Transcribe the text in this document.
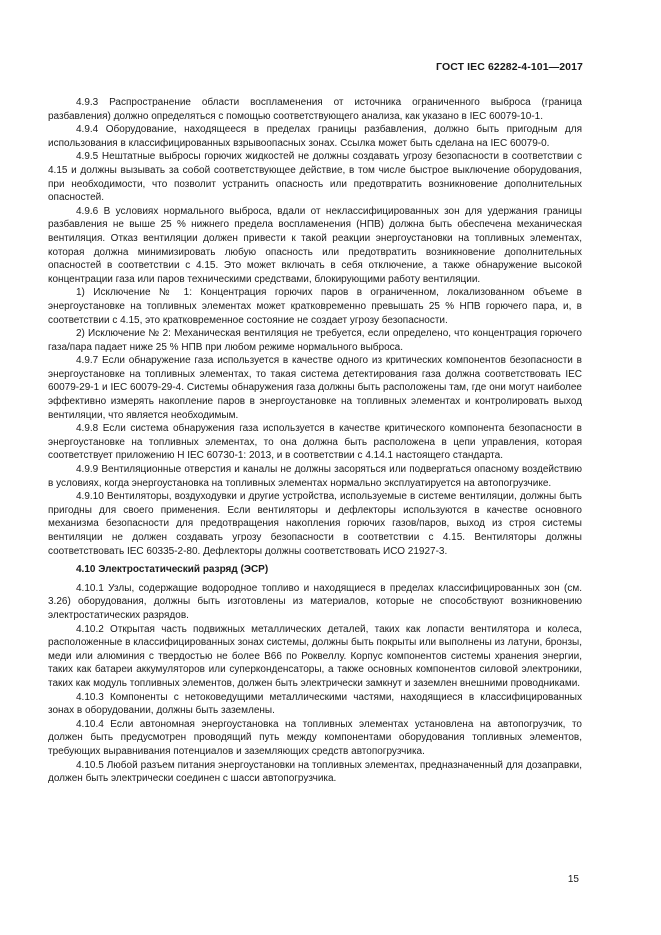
ГОСТ IEC 62282-4-101—2017

4.9.3 Распространение области воспламенения от источника ограниченного выброса (граница разбавления) должно определяться с помощью соответствующего анализа, как указано в IEC 60079-10-1.

4.9.4 Оборудование, находящееся в пределах границы разбавления, должно быть пригодным для использования в классифицированных взрывоопасных зонах. Ссылка может быть сделана на IEC 60079-0.

4.9.5 Нештатные выбросы горючих жидкостей не должны создавать угрозу безопасности в соответствии с 4.15 и должны вызывать за собой соответствующее действие, в том числе быстрое выключение оборудования, при необходимости, что позволит устранить опасность или предотвратить возникновение дополнительных опасностей.

4.9.6 В условиях нормального выброса, вдали от неклассифицированных зон для удержания границы разбавления не выше 25 % нижнего предела воспламенения (НПВ) должна быть обеспечена механическая вентиляция. Отказ вентиляции должен привести к такой реакции энергоустановки на топливных элементах, которая должна минимизировать любую опасность или предотвратить возникновение дополнительных опасностей в соответствии с 4.15. Это может включать в себя отключение, а также обнаружение высокой концентрации газа или паров техническими средствами, блокирующими работу вентиляции.

1) Исключение № 1: Концентрация горючих паров в ограниченном, локализованном объеме в энергоустановке на топливных элементах может кратковременно превышать 25 % НПВ горючего пара, и, в соответствии с 4.15, это кратковременное состояние не создает угрозу безопасности.

2) Исключение № 2: Механическая вентиляция не требуется, если определено, что концентрация горючего газа/пара падает ниже 25 % НПВ при любом режиме нормального выброса.

4.9.7 Если обнаружение газа используется в качестве одного из критических компонентов безопасности в энергоустановке на топливных элементах, то такая система детектирования газа должна соответствовать IEC 60079-29-1 и IEC 60079-29-4. Системы обнаружения газа должны быть расположены там, где они могут наиболее эффективно измерять накопление паров в энергоустановке на топливных элементах и контролировать выход вентиляции, что является необходимым.

4.9.8 Если система обнаружения газа используется в качестве критического компонента безопасности в энергоустановке на топливных элементах, то она должна быть расположена в цепи управления, которая соответствует приложению Н IEC 60730-1: 2013, и в соответствии с 4.14.1 настоящего стандарта.

4.9.9 Вентиляционные отверстия и каналы не должны засоряться или подвергаться опасному воздействию в условиях, когда энергоустановка на топливных элементах нормально эксплуатируется на автопогрузчике.

4.9.10 Вентиляторы, воздуходувки и другие устройства, используемые в системе вентиляции, должны быть пригодны для своего применения. Если вентиляторы и дефлекторы используются в качестве основного механизма безопасности для предотвращения накопления горючих газов/паров, выход из строя системы вентиляции не должен создавать угрозу безопасности в соответствии с 4.15. Вентиляторы должны соответствовать IEC 60335-2-80. Дефлекторы должны соответствовать ИСО 21927-3.

4.10 Электростатический разряд (ЭСР)

4.10.1 Узлы, содержащие водородное топливо и находящиеся в пределах классифицированных зон (см. 3.26) оборудования, должны быть изготовлены из материалов, которые не способствуют возникновению электростатических разрядов.

4.10.2 Открытая часть подвижных металлических деталей, таких как лопасти вентилятора и колеса, расположенные в классифицированных зонах системы, должны быть покрыты или выполнены из латуни, бронзы, меди или алюминия с твердостью не более В66 по Роквеллу. Корпус компонентов системы хранения энергии, таких как батареи аккумуляторов или суперконденсаторы, а также основных компонентов силовой электроники, таких как модуль топливных элементов, должен быть электрически замкнут и заземлен внешними проводниками.

4.10.3 Компоненты с нетоковедущими металлическими частями, находящиеся в классифицированных зонах в оборудовании, должны быть заземлены.

4.10.4 Если автономная энергоустановка на топливных элементах установлена на автопогрузчик, то должен быть предусмотрен проводящий путь между компонентами оборудования топливных элементов, требующих выравнивания потенциалов и заземляющих средств автопогрузчика.

4.10.5 Любой разъем питания энергоустановки на топливных элементах, предназначенный для дозаправки, должен быть электрически соединен с шасси автопогрузчика.

15
